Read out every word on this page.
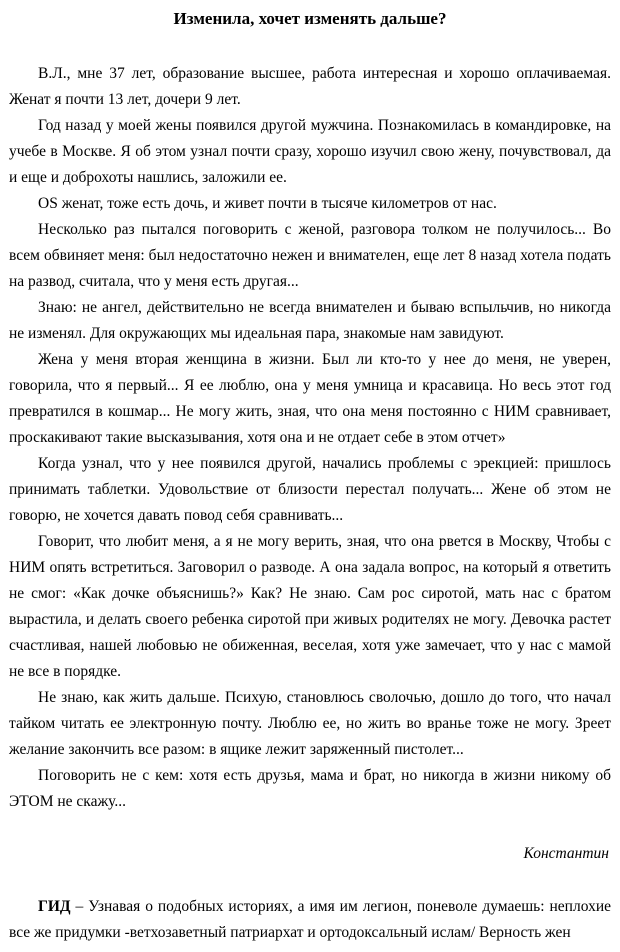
Изменила, хочет изменять дальше?

В.Л., мне 37 лет, образование высшее, работа интересная и хорошо оплачиваемая. Женат я почти 13 лет, дочери 9 лет.

Год назад у моей жены появился другой мужчина. Познакомилась в командировке, на учебе в Москве. Я об этом узнал почти сразу, хорошо изучил свою жену, почувствовал, да и еще и доброхоты нашлись, заложили ее.

OS женат, тоже есть дочь, и живет почти в тысяче километров от нас.

Несколько раз пытался поговорить с женой, разговора толком не получилось... Во всем обвиняет меня: был недостаточно нежен и внимателен, еще лет 8 назад хотела подать на развод, считала, что у меня есть другая...

Знаю: не ангел, действительно не всегда внимателен и бываю вспыльчив, но никогда не изменял. Для окружающих мы идеальная пара, знакомые нам завидуют.

Жена у меня вторая женщина в жизни. Был ли кто-то у нее до меня, не уверен, говорила, что я первый... Я ее люблю, она у меня умница и красавица. Но весь этот год превратился в кошмар... Не могу жить, зная, что она меня постоянно с НИМ сравнивает, проскакивают такие высказывания, хотя она и не отдает себе в этом отчет»

Когда узнал, что у нее появился другой, начались проблемы с эрекцией: пришлось принимать таблетки. Удовольствие от близости перестал получать... Жене об этом не говорю, не хочется давать повод себя сравнивать...

Говорит, что любит меня, а я не могу верить, зная, что она рвется в Москву, Чтобы с НИМ опять встретиться. Заговорил о разводе. А она задала вопрос, на который я ответить не смог: «Как дочке объяснишь?» Как? Не знаю. Сам рос сиротой, мать нас с братом вырастила, и делать своего ребенка сиротой при живых родителях не могу. Девочка растет счастливая, нашей любовью не обиженная, веселая, хотя уже замечает, что у нас с мамой не все в порядке.

Не знаю, как жить дальше. Психую, становлюсь сволочью, дошло до того, что начал тайком читать ее электронную почту. Люблю ее, но жить во вранье тоже не могу. Зреет желание закончить все разом: в ящике лежит заряженный пистолет...

Поговорить не с кем: хотя есть друзья, мама и брат, но никогда в жизни никому об ЭТОМ не скажу...

Константин

ГИД – Узнавая о подобных историях, а имя им легион, поневоле думаешь: неплохие все же придумки -ветхозаветный патриархат и ортодоксальный ислам/ Верность жен
